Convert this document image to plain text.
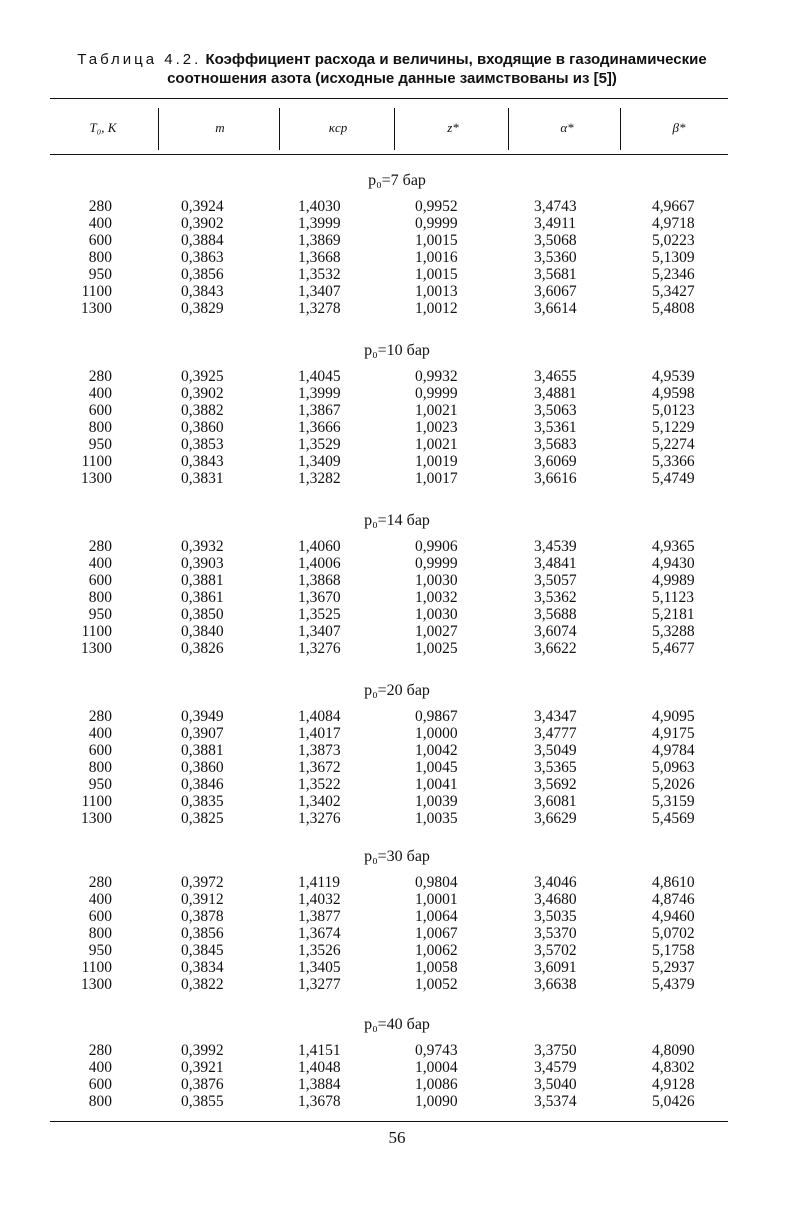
Таблица 4.2. Коэффициент расхода и величины, входящие в газодинамические соотношения азота (исходные данные заимствованы из [5])
T₀, K	m	κср	z*	α*	β*
p₀=7 бар
280	0,3924	1,4030	0,9952	3,4743	4,9667
400	0,3902	1,3999	0,9999	3,4911	4,9718
600	0,3884	1,3869	1,0015	3,5068	5,0223
800	0,3863	1,3668	1,0016	3,5360	5,1309
950	0,3856	1,3532	1,0015	3,5681	5,2346
1100	0,3843	1,3407	1,0013	3,6067	5,3427
1300	0,3829	1,3278	1,0012	3,6614	5,4808
p₀=10 бар
280	0,3925	1,4045	0,9932	3,4655	4,9539
400	0,3902	1,3999	0,9999	3,4881	4,9598
600	0,3882	1,3867	1,0021	3,5063	5,0123
800	0,3860	1,3666	1,0023	3,5361	5,1229
950	0,3853	1,3529	1,0021	3,5683	5,2274
1100	0,3843	1,3409	1,0019	3,6069	5,3366
1300	0,3831	1,3282	1,0017	3,6616	5,4749
p₀=14 бар
280	0,3932	1,4060	0,9906	3,4539	4,9365
400	0,3903	1,4006	0,9999	3,4841	4,9430
600	0,3881	1,3868	1,0030	3,5057	4,9989
800	0,3861	1,3670	1,0032	3,5362	5,1123
950	0,3850	1,3525	1,0030	3,5688	5,2181
1100	0,3840	1,3407	1,0027	3,6074	5,3288
1300	0,3826	1,3276	1,0025	3,6622	5,4677
p₀=20 бар
280	0,3949	1,4084	0,9867	3,4347	4,9095
400	0,3907	1,4017	1,0000	3,4777	4,9175
600	0,3881	1,3873	1,0042	3,5049	4,9784
800	0,3860	1,3672	1,0045	3,5365	5,0963
950	0,3846	1,3522	1,0041	3,5692	5,2026
1100	0,3835	1,3402	1,0039	3,6081	5,3159
1300	0,3825	1,3276	1,0035	3,6629	5,4569
p₀=30 бар
280	0,3972	1,4119	0,9804	3,4046	4,8610
400	0,3912	1,4032	1,0001	3,4680	4,8746
600	0,3878	1,3877	1,0064	3,5035	4,9460
800	0,3856	1,3674	1,0067	3,5370	5,0702
950	0,3845	1,3526	1,0062	3,5702	5,1758
1100	0,3834	1,3405	1,0058	3,6091	5,2937
1300	0,3822	1,3277	1,0052	3,6638	5,4379
p₀=40 бар
280	0,3992	1,4151	0,9743	3,3750	4,8090
400	0,3921	1,4048	1,0004	3,4579	4,8302
600	0,3876	1,3884	1,0086	3,5040	4,9128
800	0,3855	1,3678	1,0090	3,5374	5,0426
56
